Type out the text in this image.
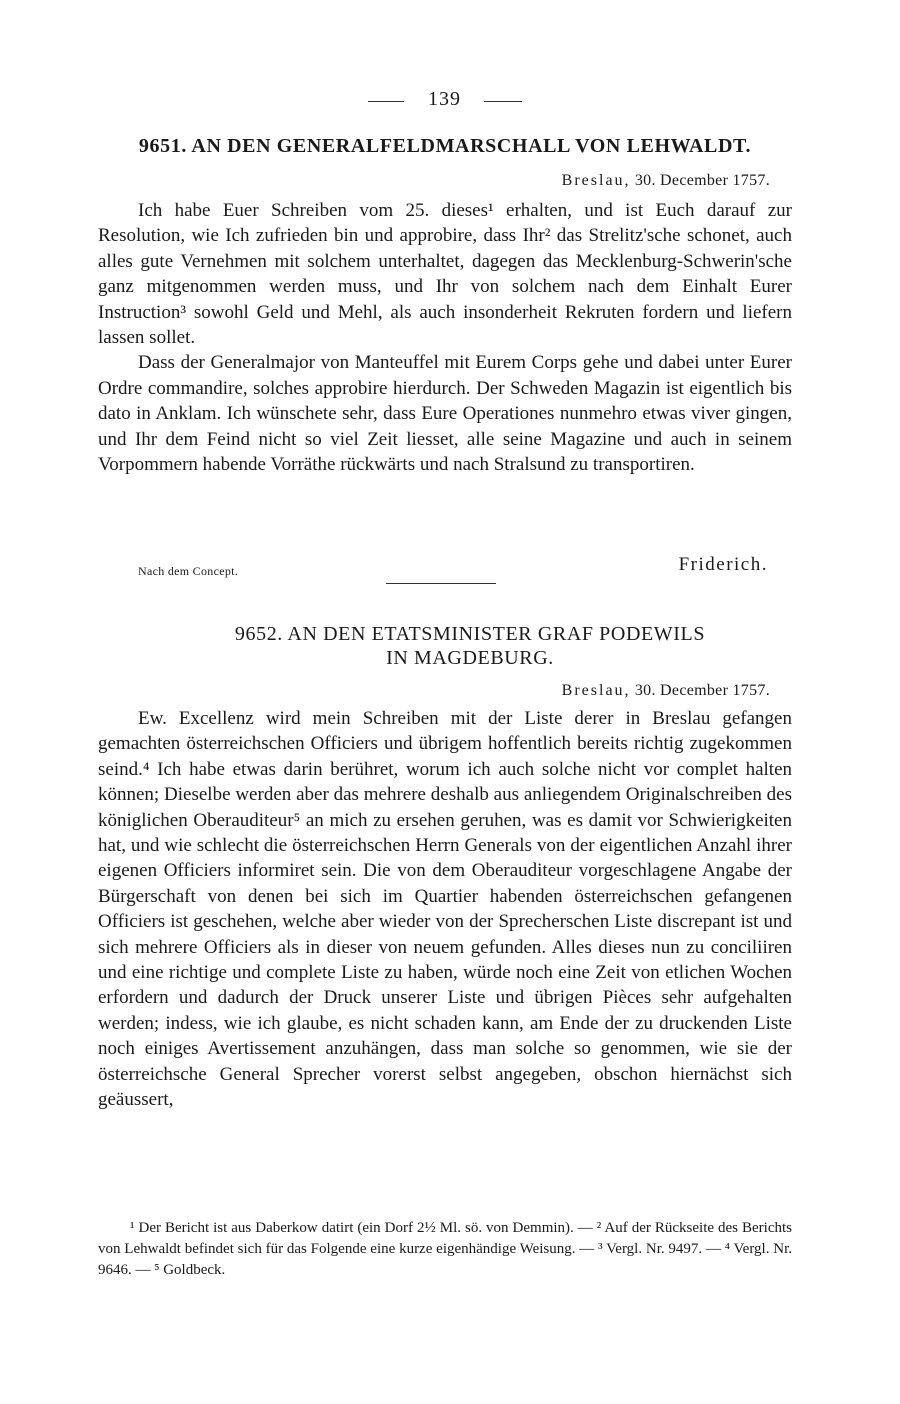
139
9651. AN DEN GENERALFELDMARSCHALL VON LEHWALDT.
Breslau, 30. December 1757.

Ich habe Euer Schreiben vom 25. dieses¹ erhalten, und ist Euch darauf zur Resolution, wie Ich zufrieden bin und approbire, dass Ihr² das Strelitz'sche schonet, auch alles gute Vernehmen mit solchem unterhaltet, dagegen das Mecklenburg-Schwerin'sche ganz mitgenommen werden muss, und Ihr von solchem nach dem Einhalt Eurer Instruction³ sowohl Geld und Mehl, als auch insonderheit Rekruten fordern und liefern lassen sollet.

Dass der Generalmajor von Manteuffel mit Eurem Corps gehe und dabei unter Eurer Ordre commandire, solches approbire hierdurch. Der Schweden Magazin ist eigentlich bis dato in Anklam. Ich wünschete sehr, dass Eure Operationes nunmehro etwas viver gingen, und Ihr dem Feind nicht so viel Zeit liesset, alle seine Magazine und auch in seinem Vorpommern habende Vorräthe rückwärts und nach Stralsund zu transportiren.

Nach dem Concept.	Friderich.
9652. AN DEN ETATSMINISTER GRAF PODEWILS
IN MAGDEBURG.
Breslau, 30. December 1757.

Ew. Excellenz wird mein Schreiben mit der Liste derer in Breslau gefangen gemachten österreichschen Officiers und übrigem hoffentlich bereits richtig zugekommen seind.⁴ Ich habe etwas darin berühret, worum ich auch solche nicht vor complet halten können; Dieselbe werden aber das mehrere deshalb aus anliegendem Originalschreiben des königlichen Oberauditeur⁵ an mich zu ersehen geruhen, was es damit vor Schwierigkeiten hat, und wie schlecht die österreichschen Herrn Generals von der eigentlichen Anzahl ihrer eigenen Officiers informiret sein. Die von dem Oberauditeur vorgeschlagene Angabe der Bürgerschaft von denen bei sich im Quartier habenden österreichschen gefangenen Officiers ist geschehen, welche aber wieder von der Sprecherschen Liste discrepant ist und sich mehrere Officiers als in dieser von neuem gefunden. Alles dieses nun zu conciliiren und eine richtige und complete Liste zu haben, würde noch eine Zeit von etlichen Wochen erfordern und dadurch der Druck unserer Liste und übrigen Pièces sehr aufgehalten werden; indess, wie ich glaube, es nicht schaden kann, am Ende der zu druckenden Liste noch einiges Avertissement anzuhängen, dass man solche so genommen, wie sie der österreichsche General Sprecher vorerst selbst angegeben, obschon hiernächst sich geäussert,

¹ Der Bericht ist aus Daberkow datirt (ein Dorf 2½ Ml. sö. von Demmin). — ² Auf der Rückseite des Berichts von Lehwaldt befindet sich für das Folgende eine kurze eigenhändige Weisung. — ³ Vergl. Nr. 9497. — ⁴ Vergl. Nr. 9646. — ⁵ Goldbeck.
